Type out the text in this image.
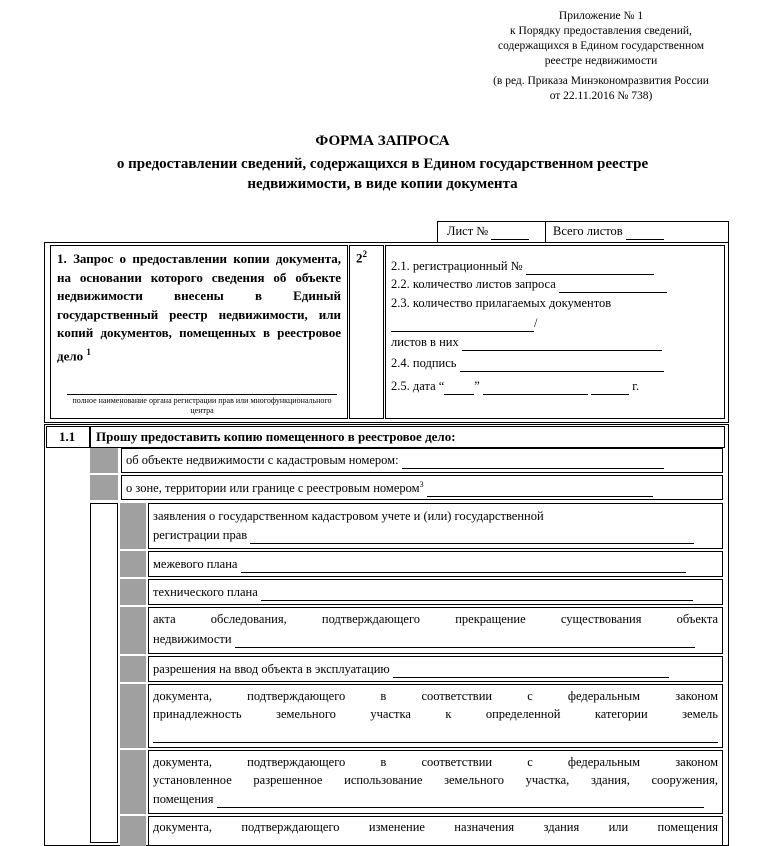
Приложение № 1
к Порядку предоставления сведений,
содержащихся в Едином государственном
реестре недвижимости
(в ред. Приказа Минэкономразвития России
от 22.11.2016 № 738)
ФОРМА ЗАПРОСА
о предоставлении сведений, содержащихся в Едином государственном реестре
недвижимости, в виде копии документа
Лист №	Всего листов
1. Запрос о предоставлении копии документа, на основании которого сведения об объекте недвижимости внесены в Единый государственный реестр недвижимости, или копий документов, помещенных в реестровое дело $^1$
полное наименование органа регистрации прав или многофункционального центра
$2^2$
2.1. регистрационный №
2.2. количество листов запроса
2.3. количество прилагаемых документов
/
листов в них
2.4. подпись
2.5. дата “ ”	г.
1.1 Прошу предоставить копию помещенного в реестровое дело:
об объекте недвижимости с кадастровым номером:
о зоне, территории или границе с реестровым номером$^3$
заявления о государственном кадастровом учете и (или) государственной
регистрации прав
межевого плана
технического плана
акта обследования, подтверждающего прекращение существования объекта
недвижимости
разрешения на ввод объекта в эксплуатацию
документа, подтверждающего в соответствии с федеральным законом
принадлежность земельного участка к определенной категории земель
документа, подтверждающего в соответствии с федеральным законом
установленное разрешенное использование земельного участка, здания, сооружения,
помещения
документа, подтверждающего изменение назначения здания или помещения
